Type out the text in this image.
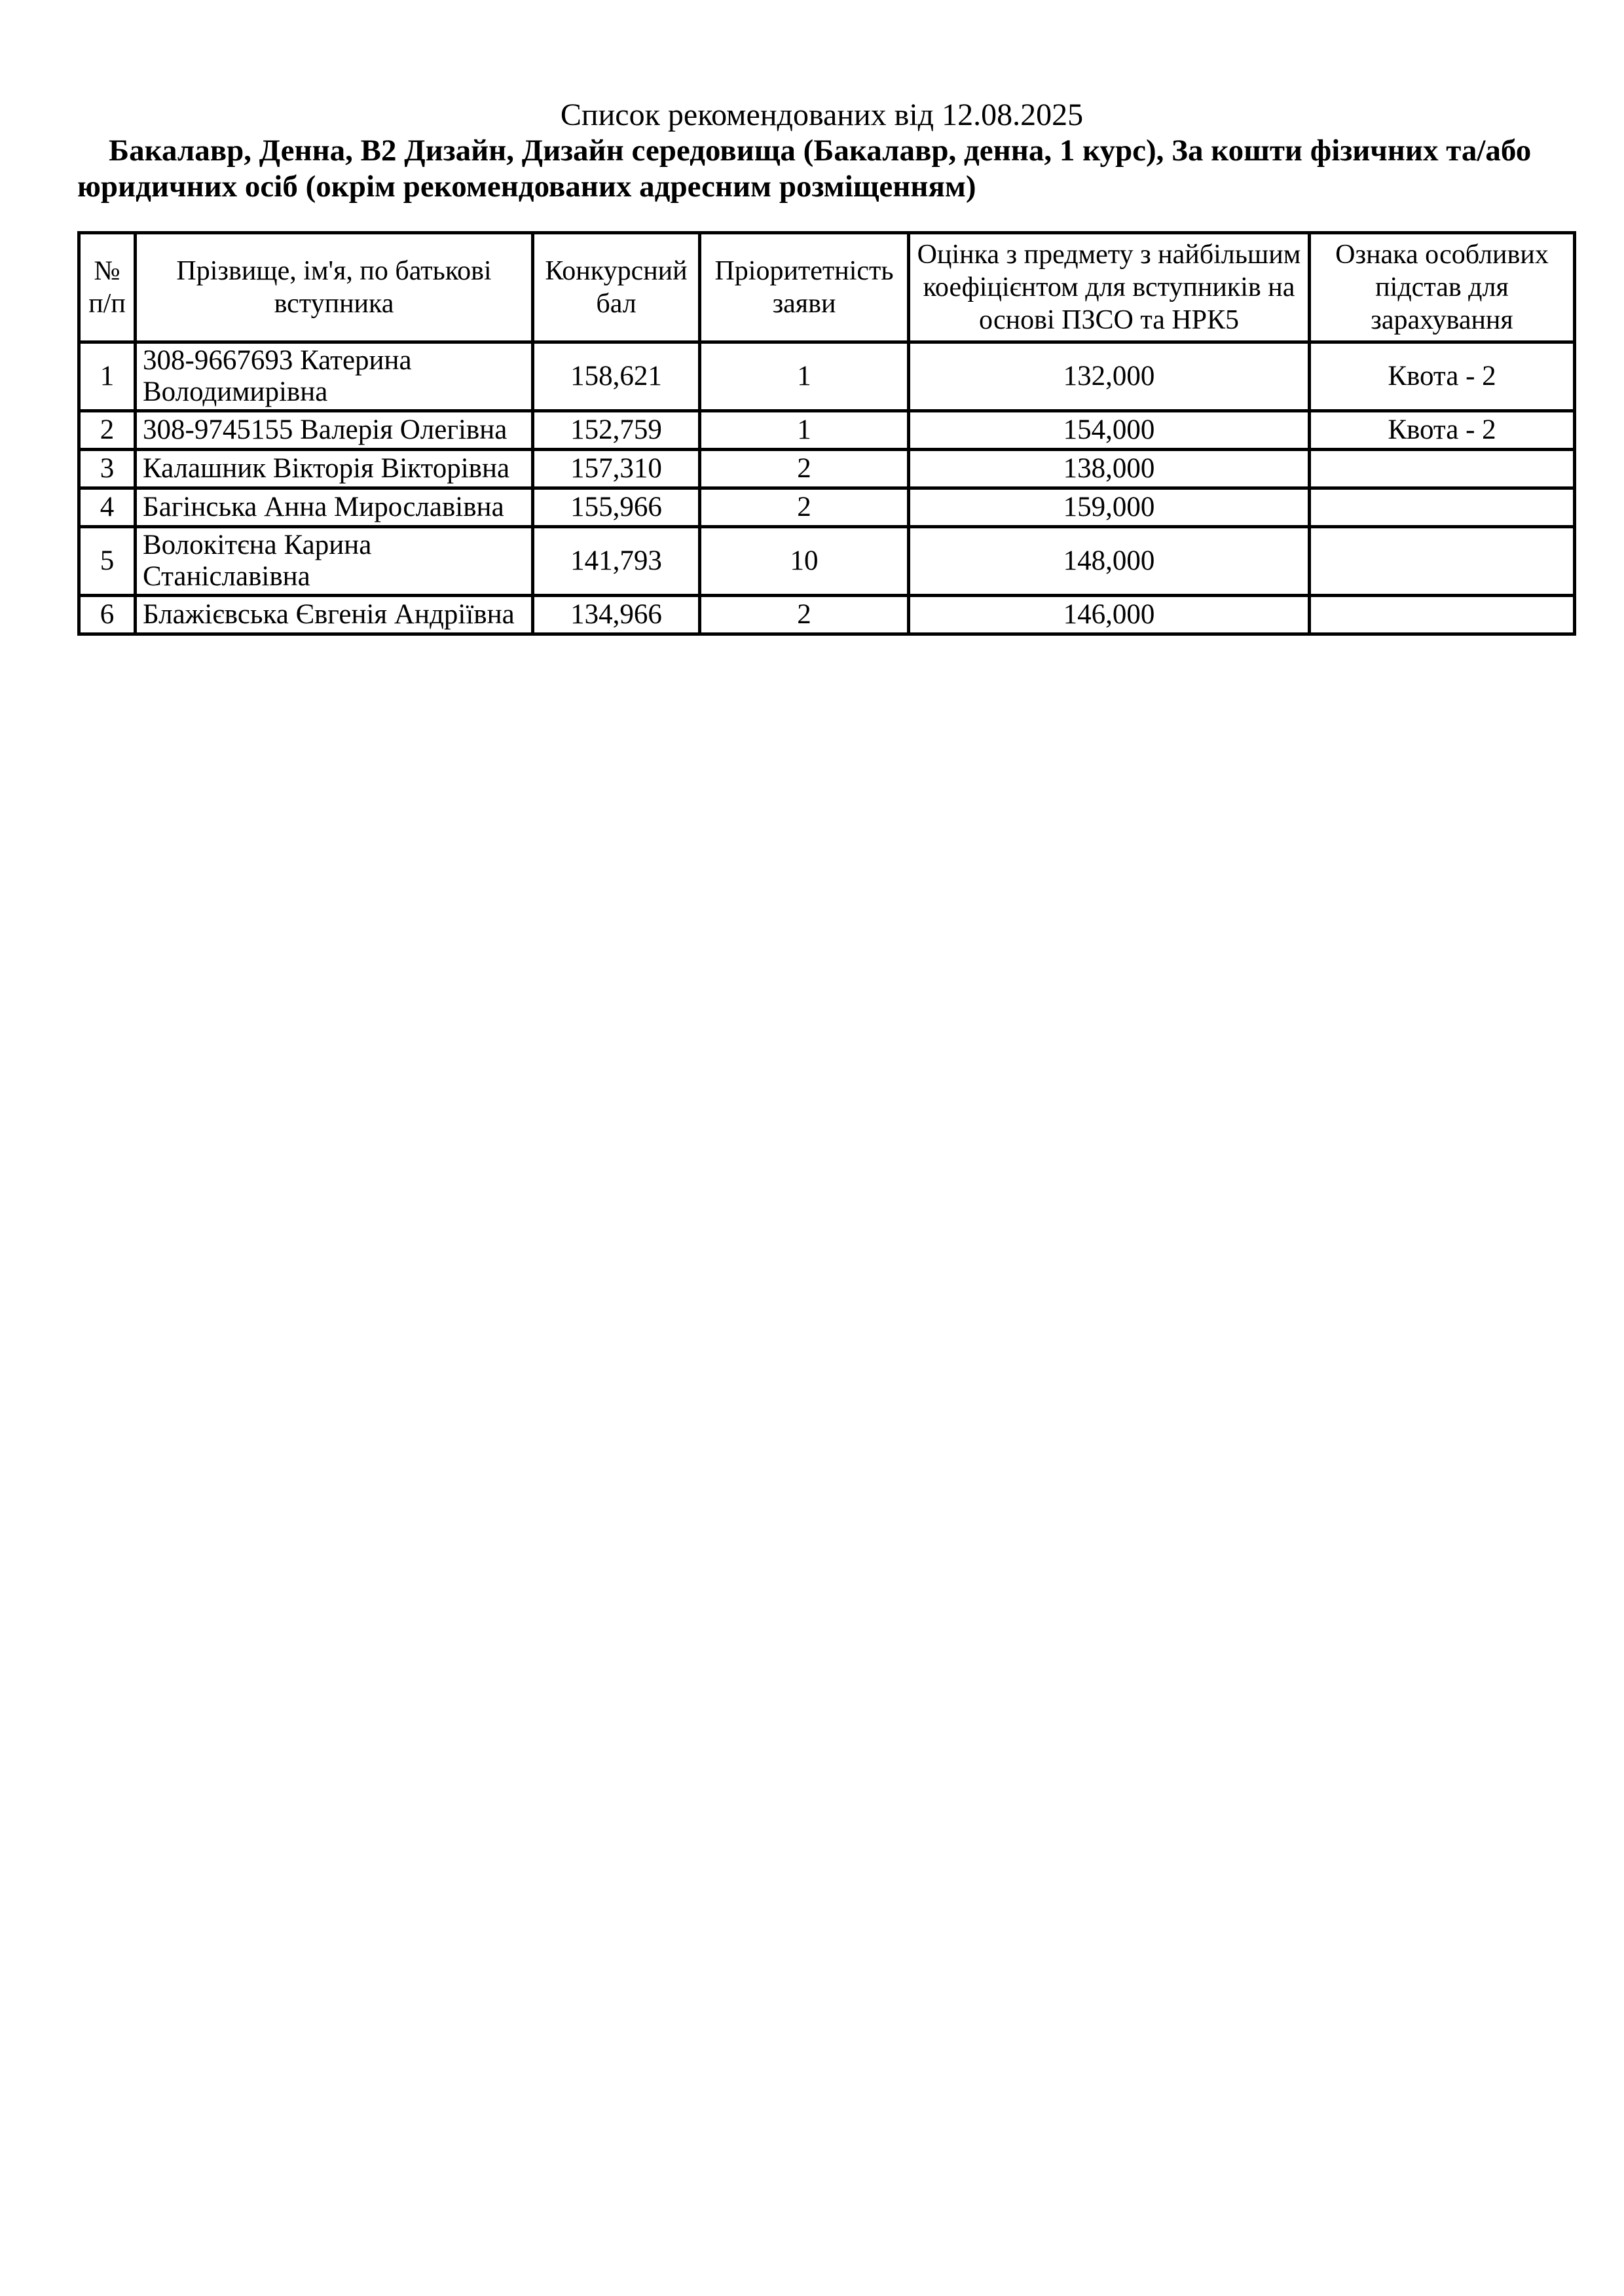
Список рекомендованих від 12.08.2025
Бакалавр, Денна, В2 Дизайн, Дизайн середовища (Бакалавр, денна, 1 курс), За кошти фізичних та/або юридичних осіб (окрім рекомендованих адресним розміщенням)
№ п/п	Прізвище, ім'я, по батькові вступника	Конкурсний бал	Пріоритетність заяви	Оцінка з предмету з найбільшим коефіцієнтом для вступників на основі ПЗСО та НРК5	Ознака особливих підстав для зарахування
1	308-9667693 Катерина Володимирівна	158,621	1	132,000	Квота - 2
2	308-9745155 Валерія Олегівна	152,759	1	154,000	Квота - 2
3	Калашник Вікторія Вікторівна	157,310	2	138,000	
4	Багінська Анна Мирославівна	155,966	2	159,000	
5	Волокітєна Карина Станіславівна	141,793	10	148,000	
6	Блажієвська Євгенія Андріївна	134,966	2	146,000	
